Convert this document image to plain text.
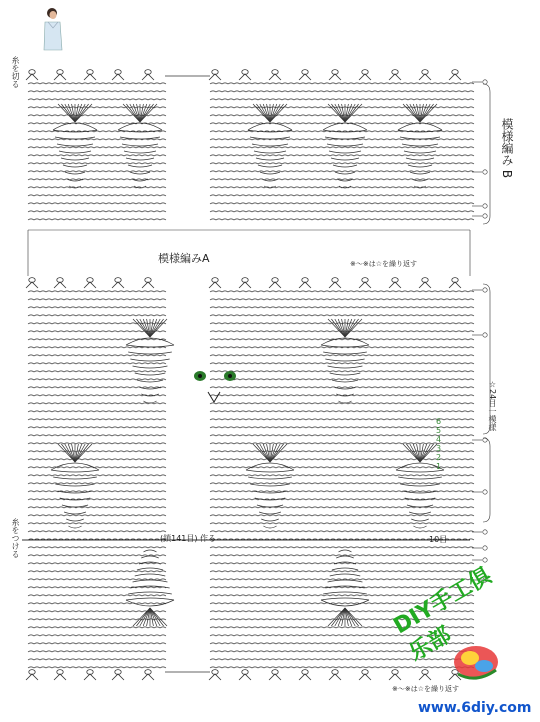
6
5
4
3
2
1
模様編み B
模様編みA
糸を切る
糸をつける
※〜※は☆を繰り返す
※〜※は☆を繰り返す
☆24目一模様
(鎖141目) 作る	10目
DIY手工俱乐部
www.6diy.com
